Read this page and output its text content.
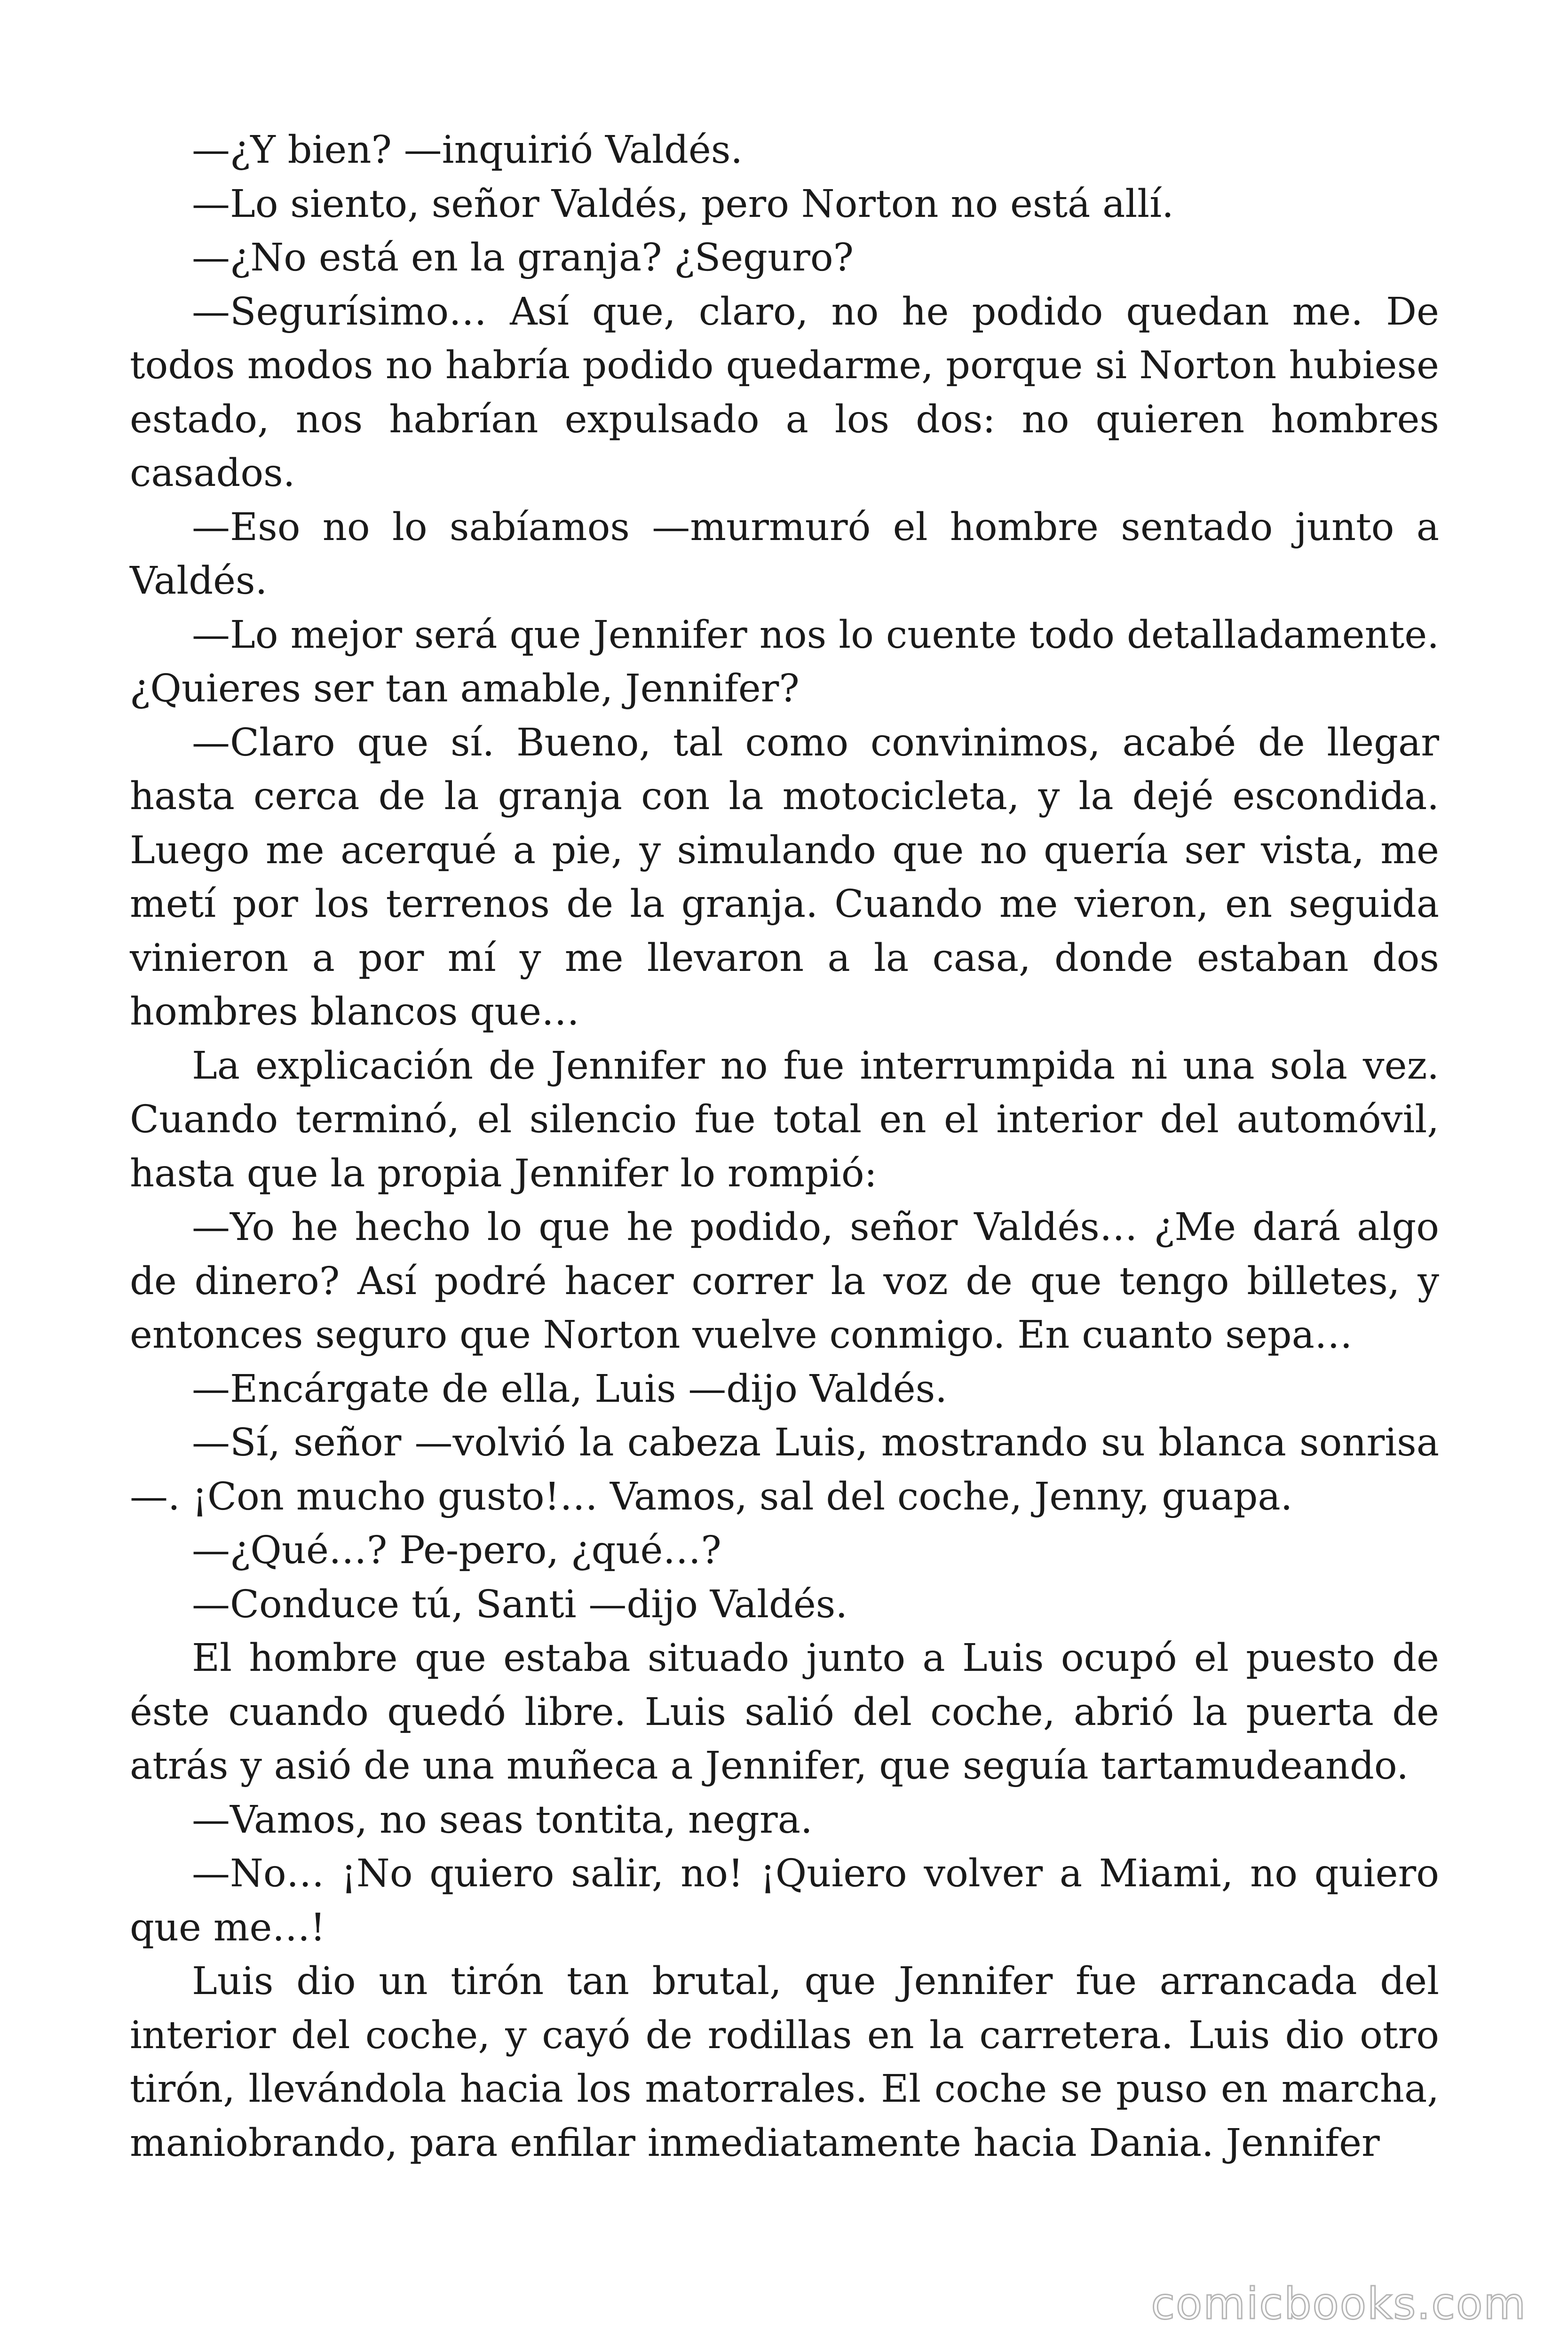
—¿Y bien? —inquirió Valdés.

—Lo siento, señor Valdés, pero Norton no está allí.

—¿No está en la granja? ¿Seguro?

—Segurísimo… Así que, claro, no he podido quedan me. De todos modos no habría podido quedarme, porque si Norton hubiese estado, nos habrían expulsado a los dos: no quieren hombres casados.

—Eso no lo sabíamos —murmuró el hombre sentado junto a Valdés.

—Lo mejor será que Jennifer nos lo cuente todo detalladamente. ¿Quieres ser tan amable, Jennifer?

—Claro que sí. Bueno, tal como convinimos, acabé de llegar hasta cerca de la granja con la motocicleta, y la dejé escondida. Luego me acerqué a pie, y simulando que no quería ser vista, me metí por los terrenos de la granja. Cuando me vieron, en seguida vinieron a por mí y me llevaron a la casa, donde estaban dos hombres blancos que…

La explicación de Jennifer no fue interrumpida ni una sola vez. Cuando terminó, el silencio fue total en el interior del automóvil, hasta que la propia Jennifer lo rompió:

—Yo he hecho lo que he podido, señor Valdés… ¿Me dará algo de dinero? Así podré hacer correr la voz de que tengo billetes, y entonces seguro que Norton vuelve conmigo. En cuanto sepa…

—Encárgate de ella, Luis —dijo Valdés.

—Sí, señor —volvió la cabeza Luis, mostrando su blanca sonrisa —. ¡Con mucho gusto!… Vamos, sal del coche, Jenny, guapa.

—¿Qué…? Pe-pero, ¿qué…?

—Conduce tú, Santi —dijo Valdés.

El hombre que estaba situado junto a Luis ocupó el puesto de éste cuando quedó libre. Luis salió del coche, abrió la puerta de atrás y asió de una muñeca a Jennifer, que seguía tartamudeando.

—Vamos, no seas tontita, negra.

—No… ¡No quiero salir, no! ¡Quiero volver a Miami, no quiero que me…!

Luis dio un tirón tan brutal, que Jennifer fue arrancada del interior del coche, y cayó de rodillas en la carretera. Luis dio otro tirón, llevándola hacia los matorrales. El coche se puso en marcha, maniobrando, para enfilar inmediatamente hacia Dania. Jennifer

comicbooks.com
